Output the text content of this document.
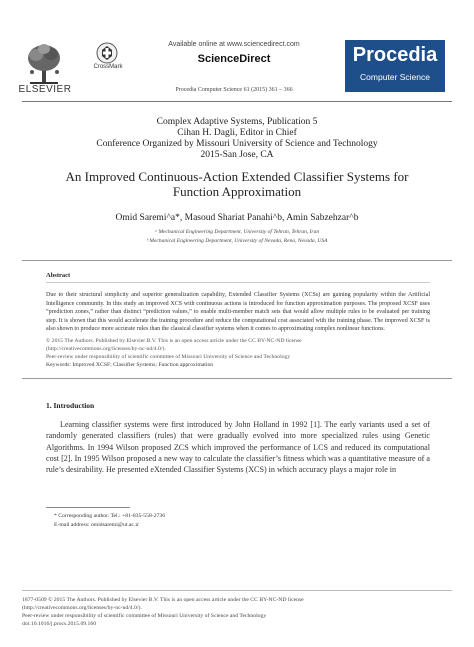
ELSEVIER
CrossMark
Available online at www.sciencedirect.com
ScienceDirect
Procedia Computer Science 61 (2015) 361 – 366
Procedia
Computer Science
Complex Adaptive Systems, Publication 5
Cihan H. Dagli, Editor in Chief
Conference Organized by Missouri University of Science and Technology
2015-San Jose, CA
An Improved Continuous-Action Extended Classifier Systems for
Function Approximation
Omid Saremi^a*, Masoud Shariat Panahi^b, Amin Sabzehzar^b
ᵃ Mechanical Engineering Department, University of Tehran, Tehran, Iran
ᵇ Mechanical Engineering Department, University of Nevada, Reno, Nevada, USA
Abstract

Due to their structural simplicity and superior generalization capability, Extended Classifier Systems (XCSs) are gaining popularity within the Artificial Intelligence community. In this study an improved XCS with continuous actions is introduced for function approximation purposes. The proposed XCSF uses “prediction zones,” rather than distinct “prediction values,” to enable multi-member match sets that would allow multiple rules to be evaluated per training step. It is shown that this would accelerate the training procedure and reduce the computational cost associated with the training phase. The improved XCSF is also shown to produce more accurate rules than the classical classifier systems when it comes to approximating complex nonlinear functions.

© 2015 The Authors. Published by Elsevier B.V. This is an open access article under the CC BY-NC-ND license

(http://creativecommons.org/licenses/by-nc-nd/4.0/).

Peer-review under responsibility of scientific committee of Missouri University of Science and Technology

Keywords: Improved XCSF; Classifier Systems; Function approximation
1. Introduction

Learning classifier systems were first introduced by John Holland in 1992 [1]. The early variants used a set of randomly generated classifiers (rules) that were gradually evolved into more specialized rules using Genetic Algorithms. In 1994 Wilson proposed ZCS which improved the performance of LCS and reduced its computational cost [2]. In 1995 Wilson proposed a new way to calculate the classifier’s fitness which was a quantitative measure of a rule’s desirability. He presented eXtended Classifier Systems (XCS) in which accuracy plays a major role in

* Corresponding author. Tel.: +81-835-558-2736
E-mail address: omidsaremi@ut.ac.ir

1877-0509 © 2015 The Authors. Published by Elsevier B.V. This is an open access article under the CC BY-NC-ND license

(http://creativecommons.org/licenses/by-nc-nd/4.0/).

Peer-review under responsibility of scientific committee of Missouri University of Science and Technology

doi:10.1016/j.procs.2015.09.160
